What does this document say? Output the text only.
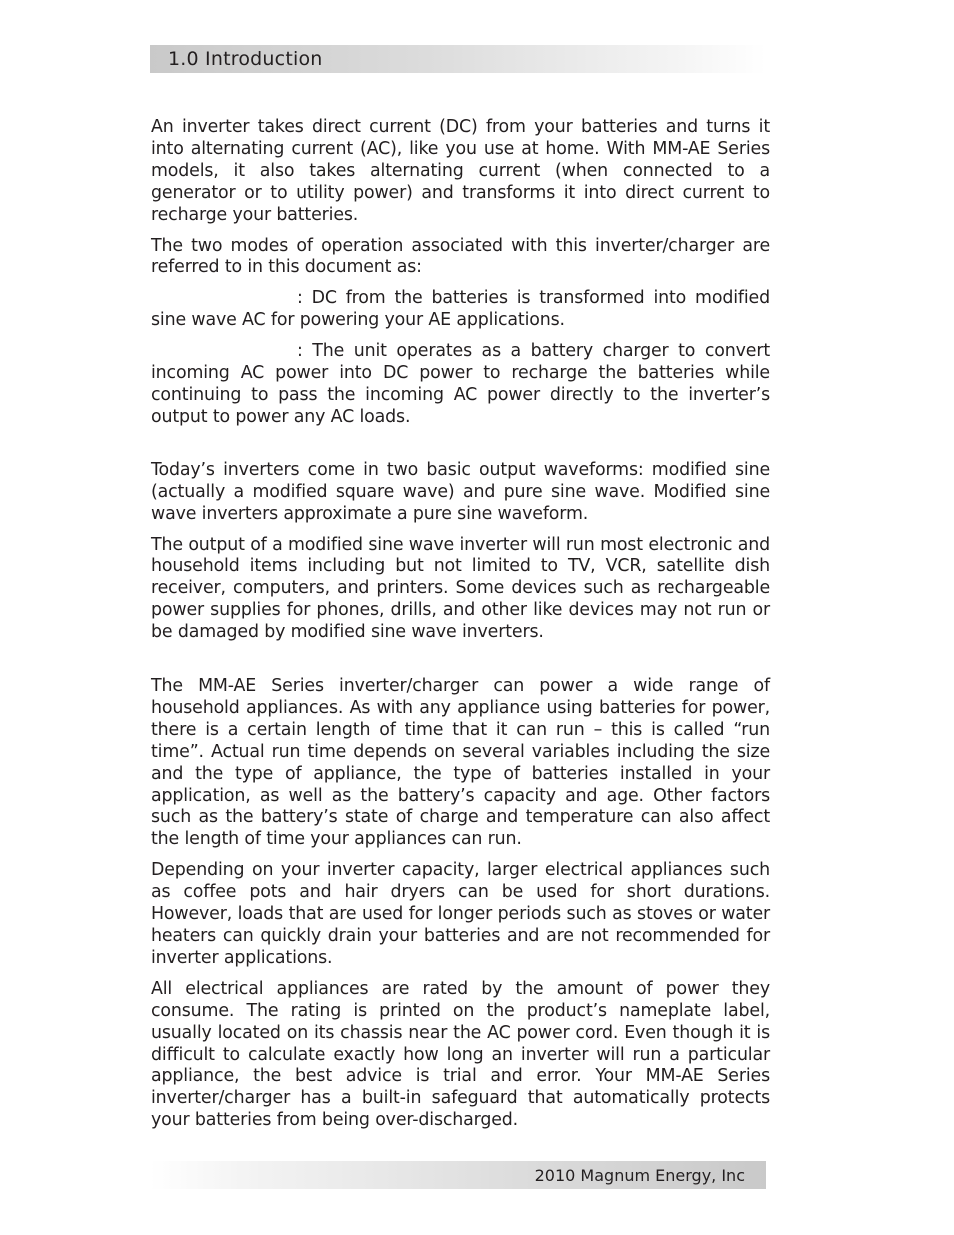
1.0 Introduction

An inverter takes direct current (DC) from your batteries and turns it into alternating current (AC), like you use at home. With MM-AE Series models, it also takes alternating current (when connected to a generator or to utility power) and transforms it into direct current to recharge your batteries.

The two modes of operation associated with this inverter/charger are referred to in this document as:

: DC from the batteries is transformed into modified sine wave AC for powering your AE applications.

: The unit operates as a battery charger to convert incoming AC power into DC power to recharge the batteries while continuing to pass the incoming AC power directly to the inverter’s output to power any AC loads.

Today’s inverters come in two basic output waveforms: modified sine (actually a modified square wave) and pure sine wave. Modified sine wave inverters approximate a pure sine waveform.

The output of a modified sine wave inverter will run most electronic and household items including but not limited to TV, VCR, satellite dish receiver, computers, and printers. Some devices such as rechargeable power supplies for phones, drills, and other like devices may not run or be damaged by modified sine wave inverters.

The MM-AE Series inverter/charger can power a wide range of household appliances. As with any appliance using batteries for power, there is a certain length of time that it can run – this is called “run time”. Actual run time depends on several variables including the size and the type of appliance, the type of batteries installed in your application, as well as the battery’s capacity and age. Other factors such as the battery’s state of charge and temperature can also affect the length of time your appliances can run.

Depending on your inverter capacity, larger electrical appliances such as coffee pots and hair dryers can be used for short durations. However, loads that are used for longer periods such as stoves or water heaters can quickly drain your batteries and are not recommended for inverter applications.

All electrical appliances are rated by the amount of power they consume. The rating is printed on the product’s nameplate label, usually located on its chassis near the AC power cord. Even though it is difficult to calculate exactly how long an inverter will run a particular appliance, the best advice is trial and error. Your MM-AE Series inverter/charger has a built-in safeguard that automatically protects your batteries from being over-discharged.

2010 Magnum Energy, Inc
